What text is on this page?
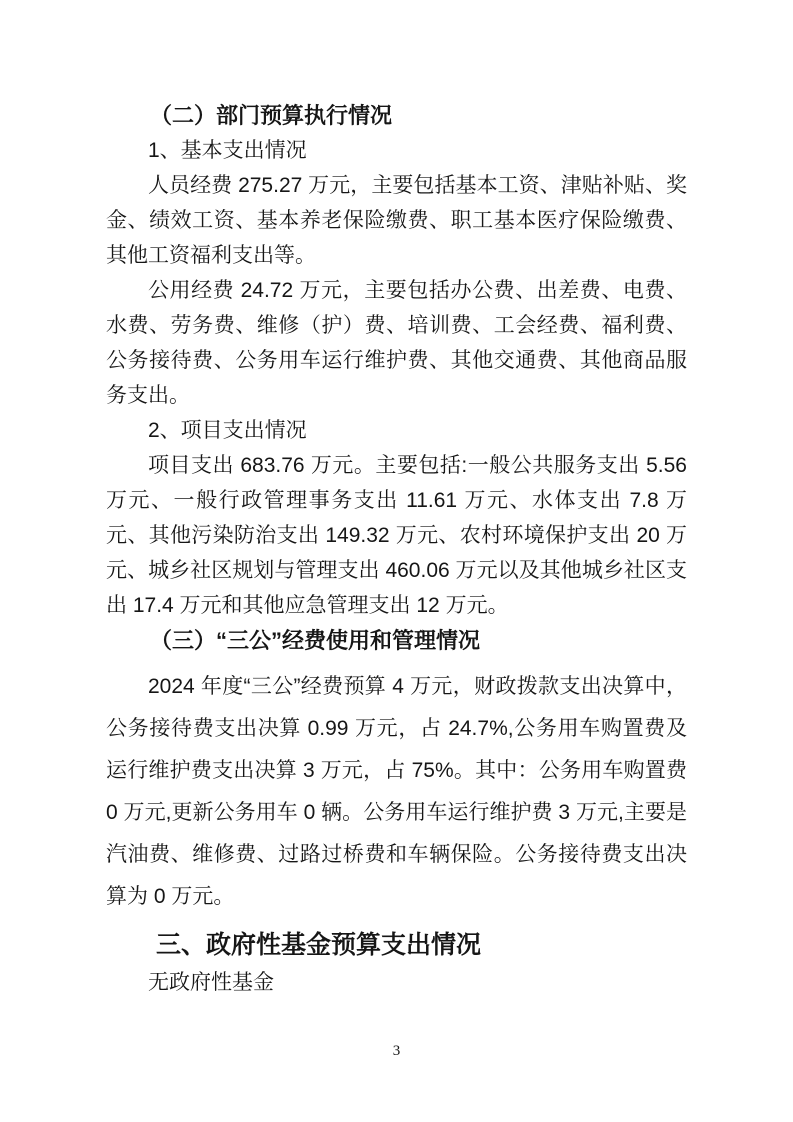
（二）部门预算执行情况
1、基本支出情况

人员经费 275.27 万元，主要包括基本工资、津贴补贴、奖金、绩效工资、基本养老保险缴费、职工基本医疗保险缴费、其他工资福利支出等。

公用经费 24.72 万元，主要包括办公费、出差费、电费、水费、劳务费、维修（护）费、培训费、工会经费、福利费、公务接待费、公务用车运行维护费、其他交通费、其他商品服务支出。

2、项目支出情况

项目支出 683.76 万元。主要包括:一般公共服务支出 5.56 万元、一般行政管理事务支出 11.61 万元、水体支出 7.8 万元、其他污染防治支出 149.32 万元、农村环境保护支出 20 万元、城乡社区规划与管理支出 460.06 万元以及其他城乡社区支出 17.4 万元和其他应急管理支出 12 万元。

（三）“三公”经费使用和管理情况

2024 年度“三公”经费预算 4 万元，财政拨款支出决算中，公务接待费支出决算 0.99 万元，占 24.7%,公务用车购置费及运行维护费支出决算 3 万元，占 75%。其中：公务用车购置费 0 万元,更新公务用车 0 辆。公务用车运行维护费 3 万元,主要是汽油费、维修费、过路过桥费和车辆保险。公务接待费支出决算为 0 万元。

三、政府性基金预算支出情况

无政府性基金

3
